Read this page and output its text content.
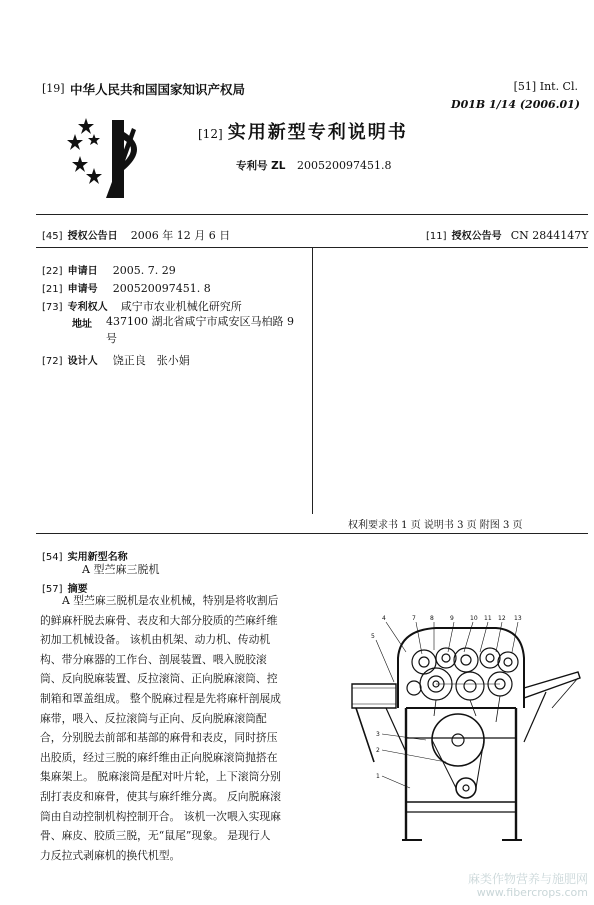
[19] 中华人民共和国国家知识产权局	[51] Int. Cl.
D01B 1/14 (2006.01)
[12] 实用新型专利说明书
专利号 ZL 200520097451.8
[45] 授权公告日 2006 年 12 月 6 日	[11] 授权公告号 CN 2844147Y
[22] 申请日 2005. 7. 29
[21] 申请号 200520097451. 8
[73] 专利权人 咸宁市农业机械化研究所
地址 437100 湖北省咸宁市咸安区马柏路 9
号
[72] 设计人 饶正良　张小娟
权利要求书 1 页 说明书 3 页 附图 3 页
[54] 实用新型名称
A 型苎麻三脱机
[57] 摘要
A 型苎麻三脱机是农业机械，特别是将收割后
的鲜麻杆脱去麻骨、表皮和大部分胶质的苎麻纤维
初加工机械设备。 该机由机架、动力机、传动机
构、带分麻器的工作台、剖展装置、喂入脱胶滚
筒、反向脱麻装置、反拉滚筒、正向脱麻滚筒、控
制箱和罩盖组成。 整个脱麻过程是先将麻杆剖展成
麻带，喂入、反拉滚筒与正向、反向脱麻滚筒配
合，分别脱去前部和基部的麻骨和表皮，同时挤压
出胶质，经过三脱的麻纤维由正向脱麻滚筒抛搭在
集麻架上。 脱麻滚筒是配对叶片轮，上下滚筒分别
刮打表皮和麻骨，使其与麻纤维分离。 反向脱麻滚
筒由自动控制机构控制开合。 该机一次喂入实现麻
骨、麻皮、胶质三脱，无“鼠尾”现象。 是现行人
力反拉式剥麻机的换代机型。
5
4	7 8	9	10 11 12 13
3
2
1
麻类作物营养与施肥网
www.fibercrops.com
